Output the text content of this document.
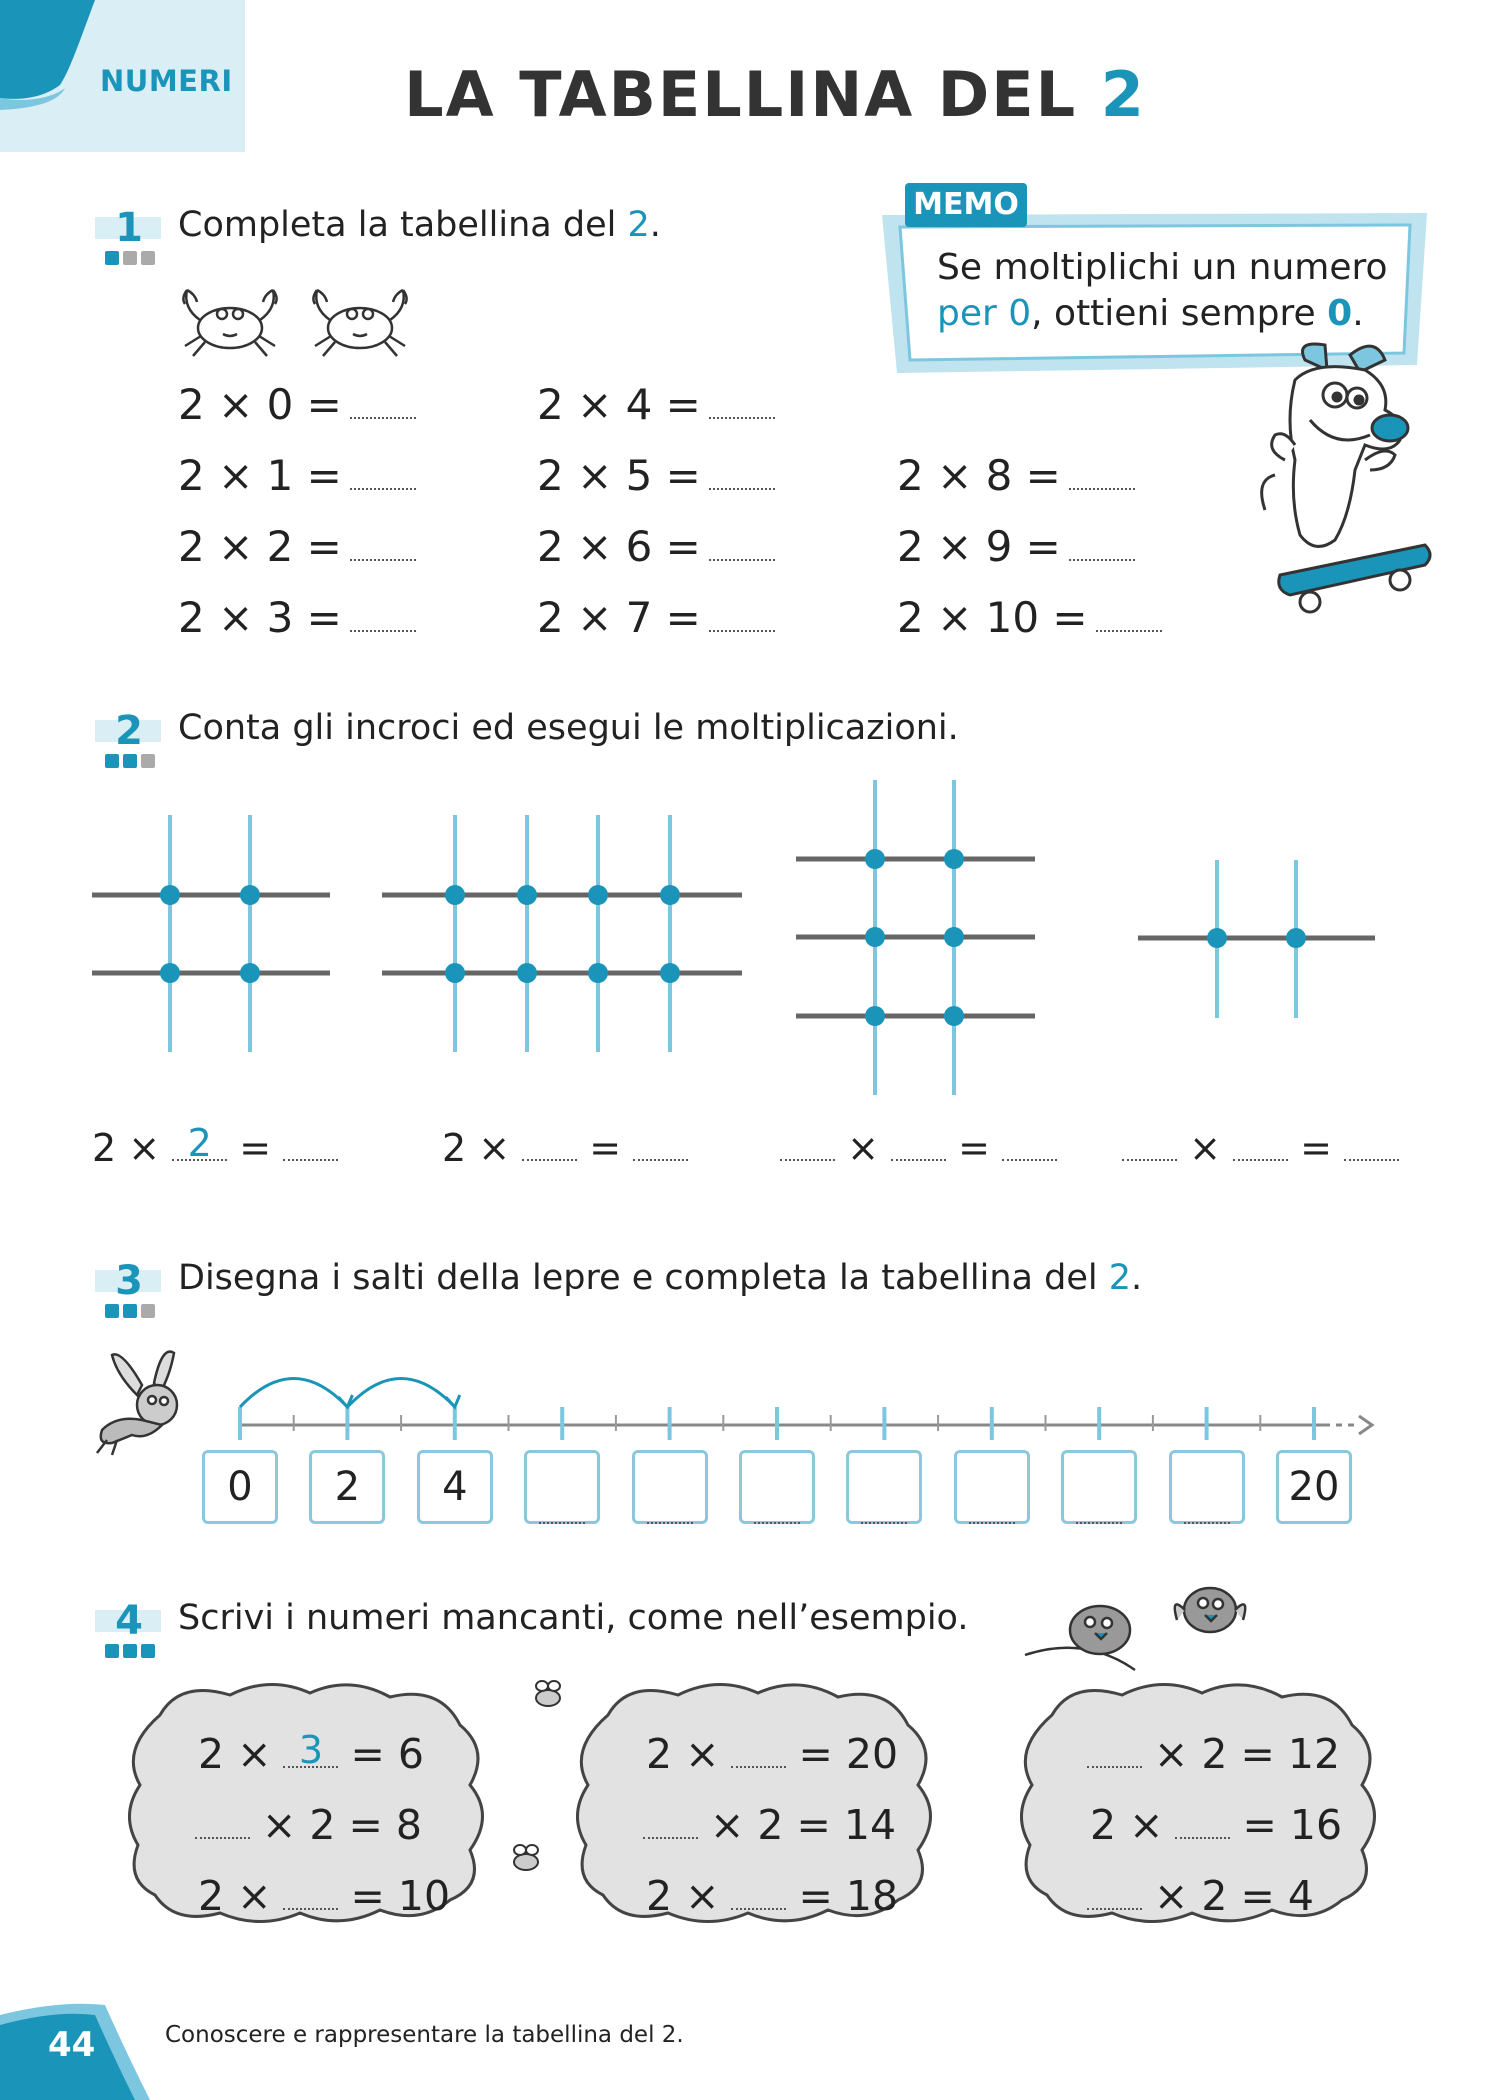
NUMERI	LA TABELLINA DEL 2
1	Completa la tabellina del 2.
2 × 0 =
2 × 1 =
2 × 2 =
2 × 3 =
2 × 4 =
2 × 5 =
2 × 6 =
2 × 7 =
2 × 8 =
2 × 9 =
2 × 10 =
MEMO
Se moltiplichi un numero
per 0, ottieni sempre 0.
2	Conta gli incroci ed esegui le moltiplicazioni.
2 × 2 =	2 × =	× =	× =
3	Disegna i salti della lepre e completa la tabellina del 2.
0	2	4	20
4	Scrivi i numeri mancanti, come nell’esempio.
2 × 3 = 6
× 2 = 8
2 × = 10
2 × = 20
× 2 = 14
2 × = 18
× 2 = 12
2 × = 16
× 2 = 4
44	Conoscere e rappresentare la tabellina del 2.
